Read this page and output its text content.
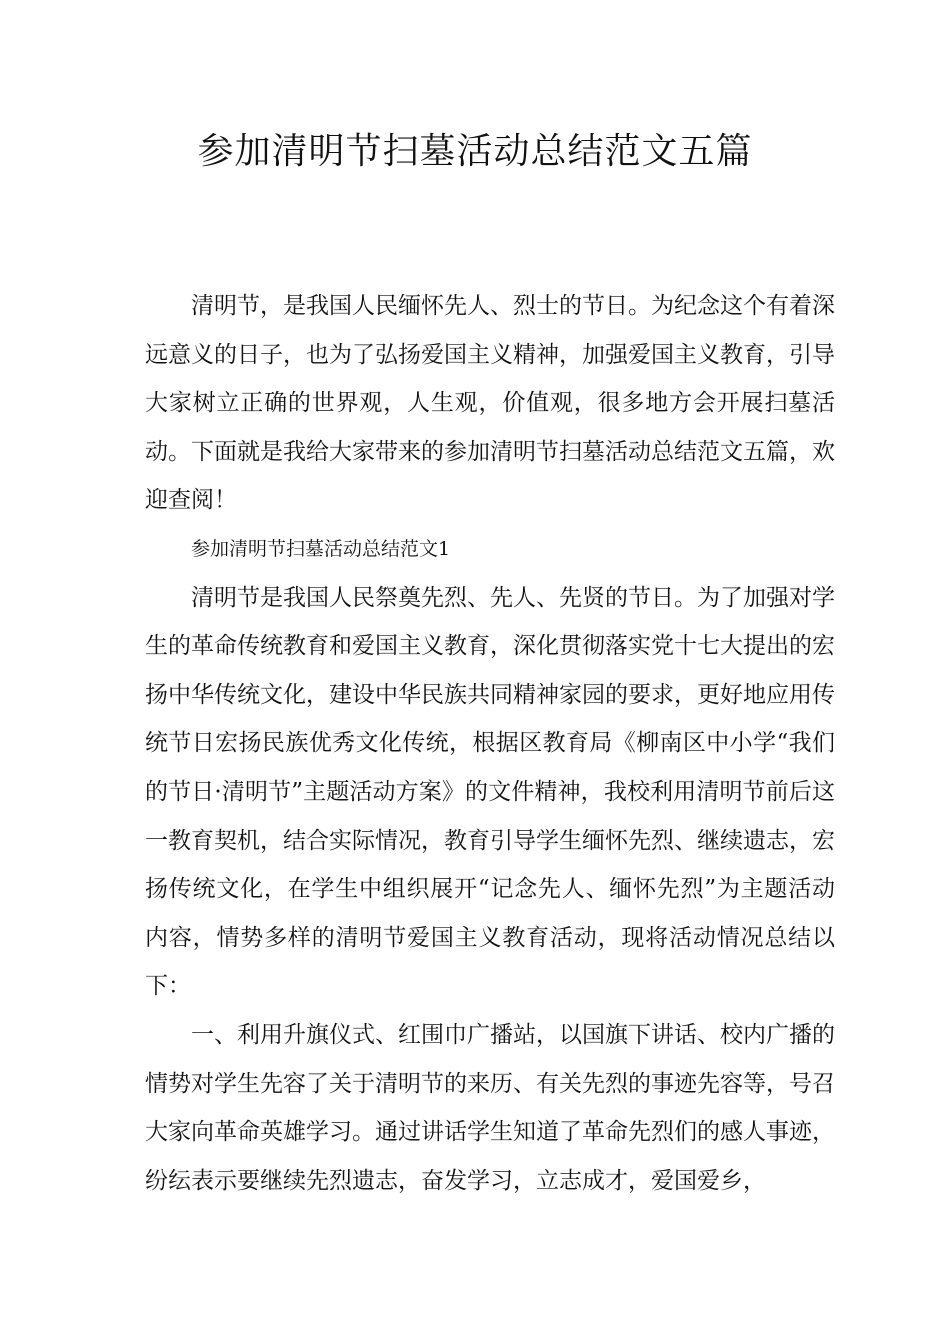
参加清明节扫墓活动总结范文五篇

清明节，是我国人民缅怀先人、烈士的节日。为纪念这个有着深远意义的日子，也为了弘扬爱国主义精神，加强爱国主义教育，引导大家树立正确的世界观，人生观，价值观，很多地方会开展扫墓活动。下面就是我给大家带来的参加清明节扫墓活动总结范文五篇，欢迎查阅！

参加清明节扫墓活动总结范文1

清明节是我国人民祭奠先烈、先人、先贤的节日。为了加强对学生的革命传统教育和爱国主义教育，深化贯彻落实党十七大提出的宏扬中华传统文化，建设中华民族共同精神家园的要求，更好地应用传统节日宏扬民族优秀文化传统，根据区教育局《柳南区中小学“我们的节日·清明节”主题活动方案》的文件精神，我校利用清明节前后这一教育契机，结合实际情况，教育引导学生缅怀先烈、继续遗志，宏扬传统文化，在学生中组织展开“记念先人、缅怀先烈”为主题活动内容，情势多样的清明节爱国主义教育活动，现将活动情况总结以下：

一、利用升旗仪式、红围巾广播站，以国旗下讲话、校内广播的情势对学生先容了关于清明节的来历、有关先烈的事迹先容等，号召大家向革命英雄学习。通过讲话学生知道了革命先烈们的感人事迹，纷纭表示要继续先烈遗志，奋发学习，立志成才，爱国爱乡，
